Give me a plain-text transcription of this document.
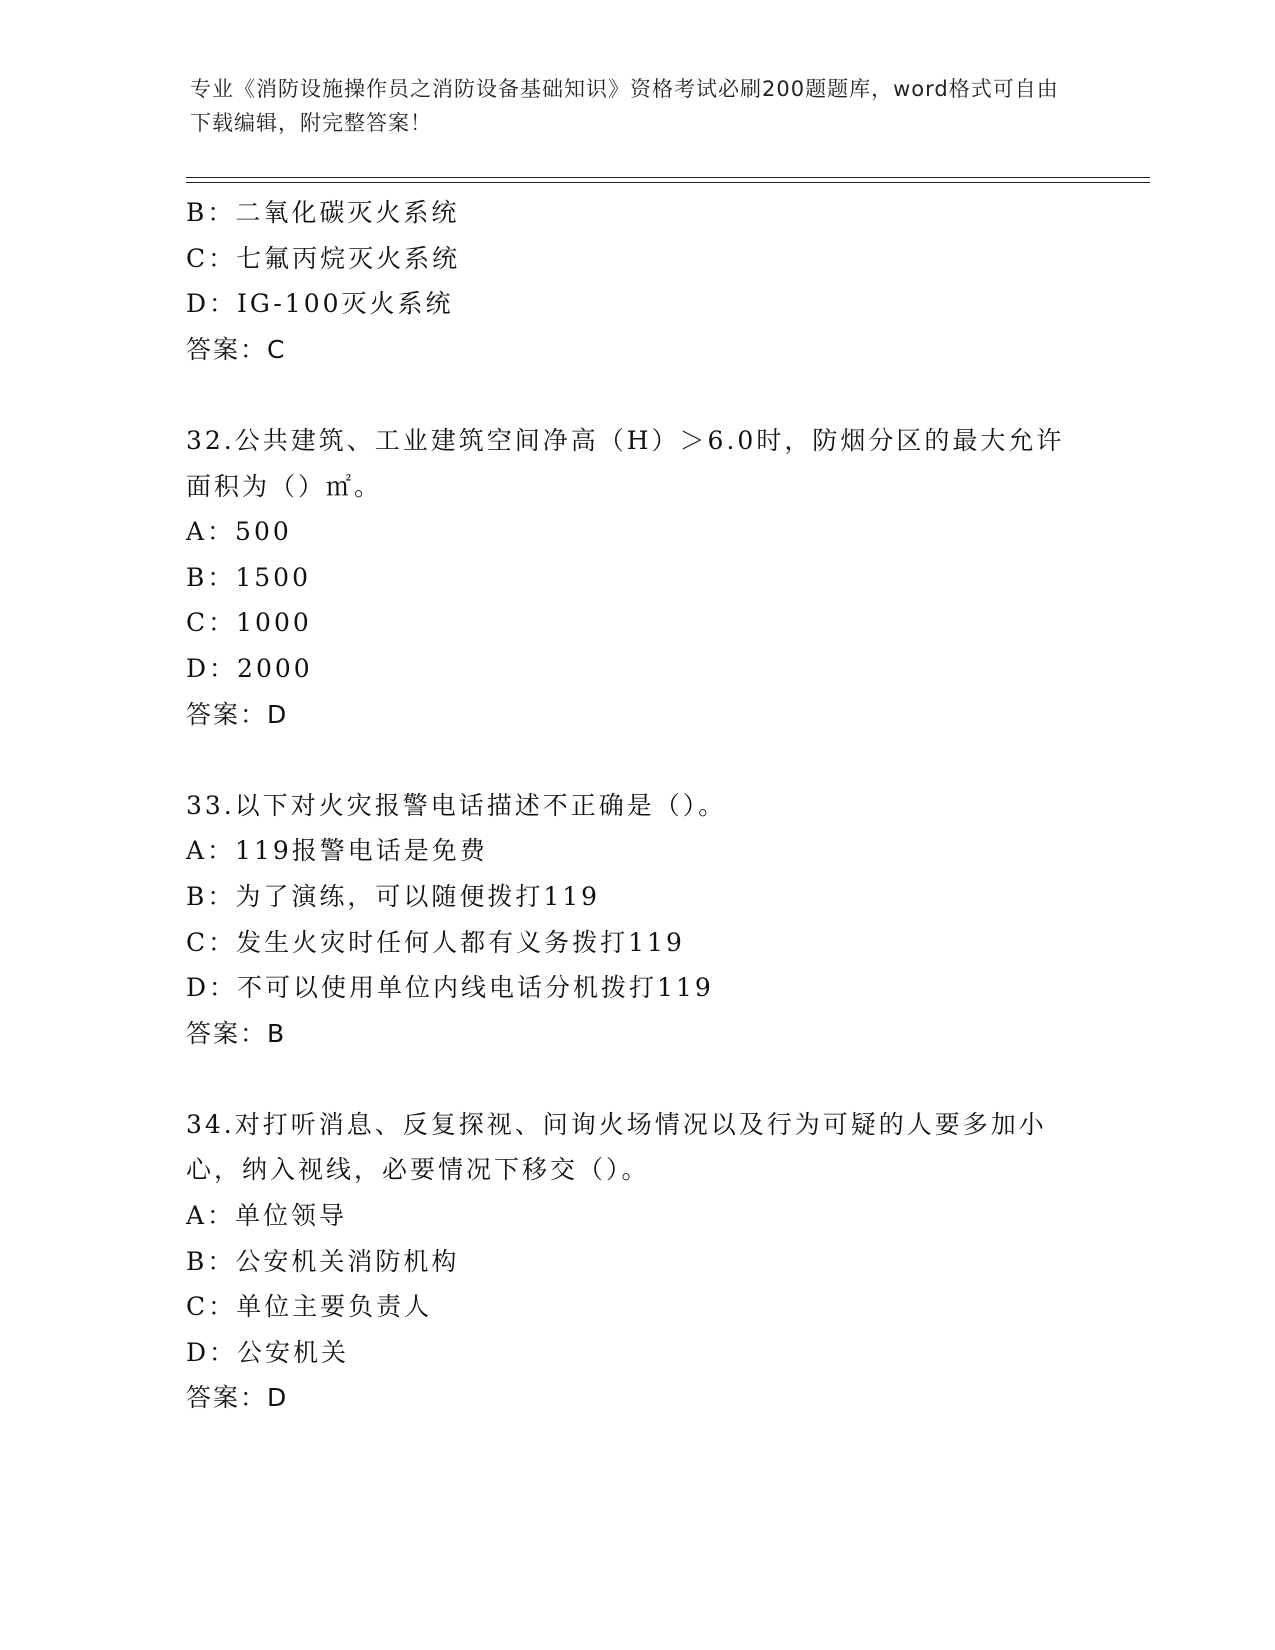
专业《消防设施操作员之消防设备基础知识》资格考试必刷200题题库，word格式可自由下载编辑，附完整答案！
B：二氧化碳灭火系统
C：七氟丙烷灭火系统
D：IG-100灭火系统
答案：C
32.公共建筑、工业建筑空间净高（H）＞6.0时，防烟分区的最大允许面积为（）㎡。
A：500
B：1500
C：1000
D：2000
答案：D
33.以下对火灾报警电话描述不正确是（）。
A：119报警电话是免费
B：为了演练，可以随便拨打119
C：发生火灾时任何人都有义务拨打119
D：不可以使用单位内线电话分机拨打119
答案：B
34.对打听消息、反复探视、问询火场情况以及行为可疑的人要多加小心，纳入视线，必要情况下移交（）。
A：单位领导
B：公安机关消防机构
C：单位主要负责人
D：公安机关
答案：D
